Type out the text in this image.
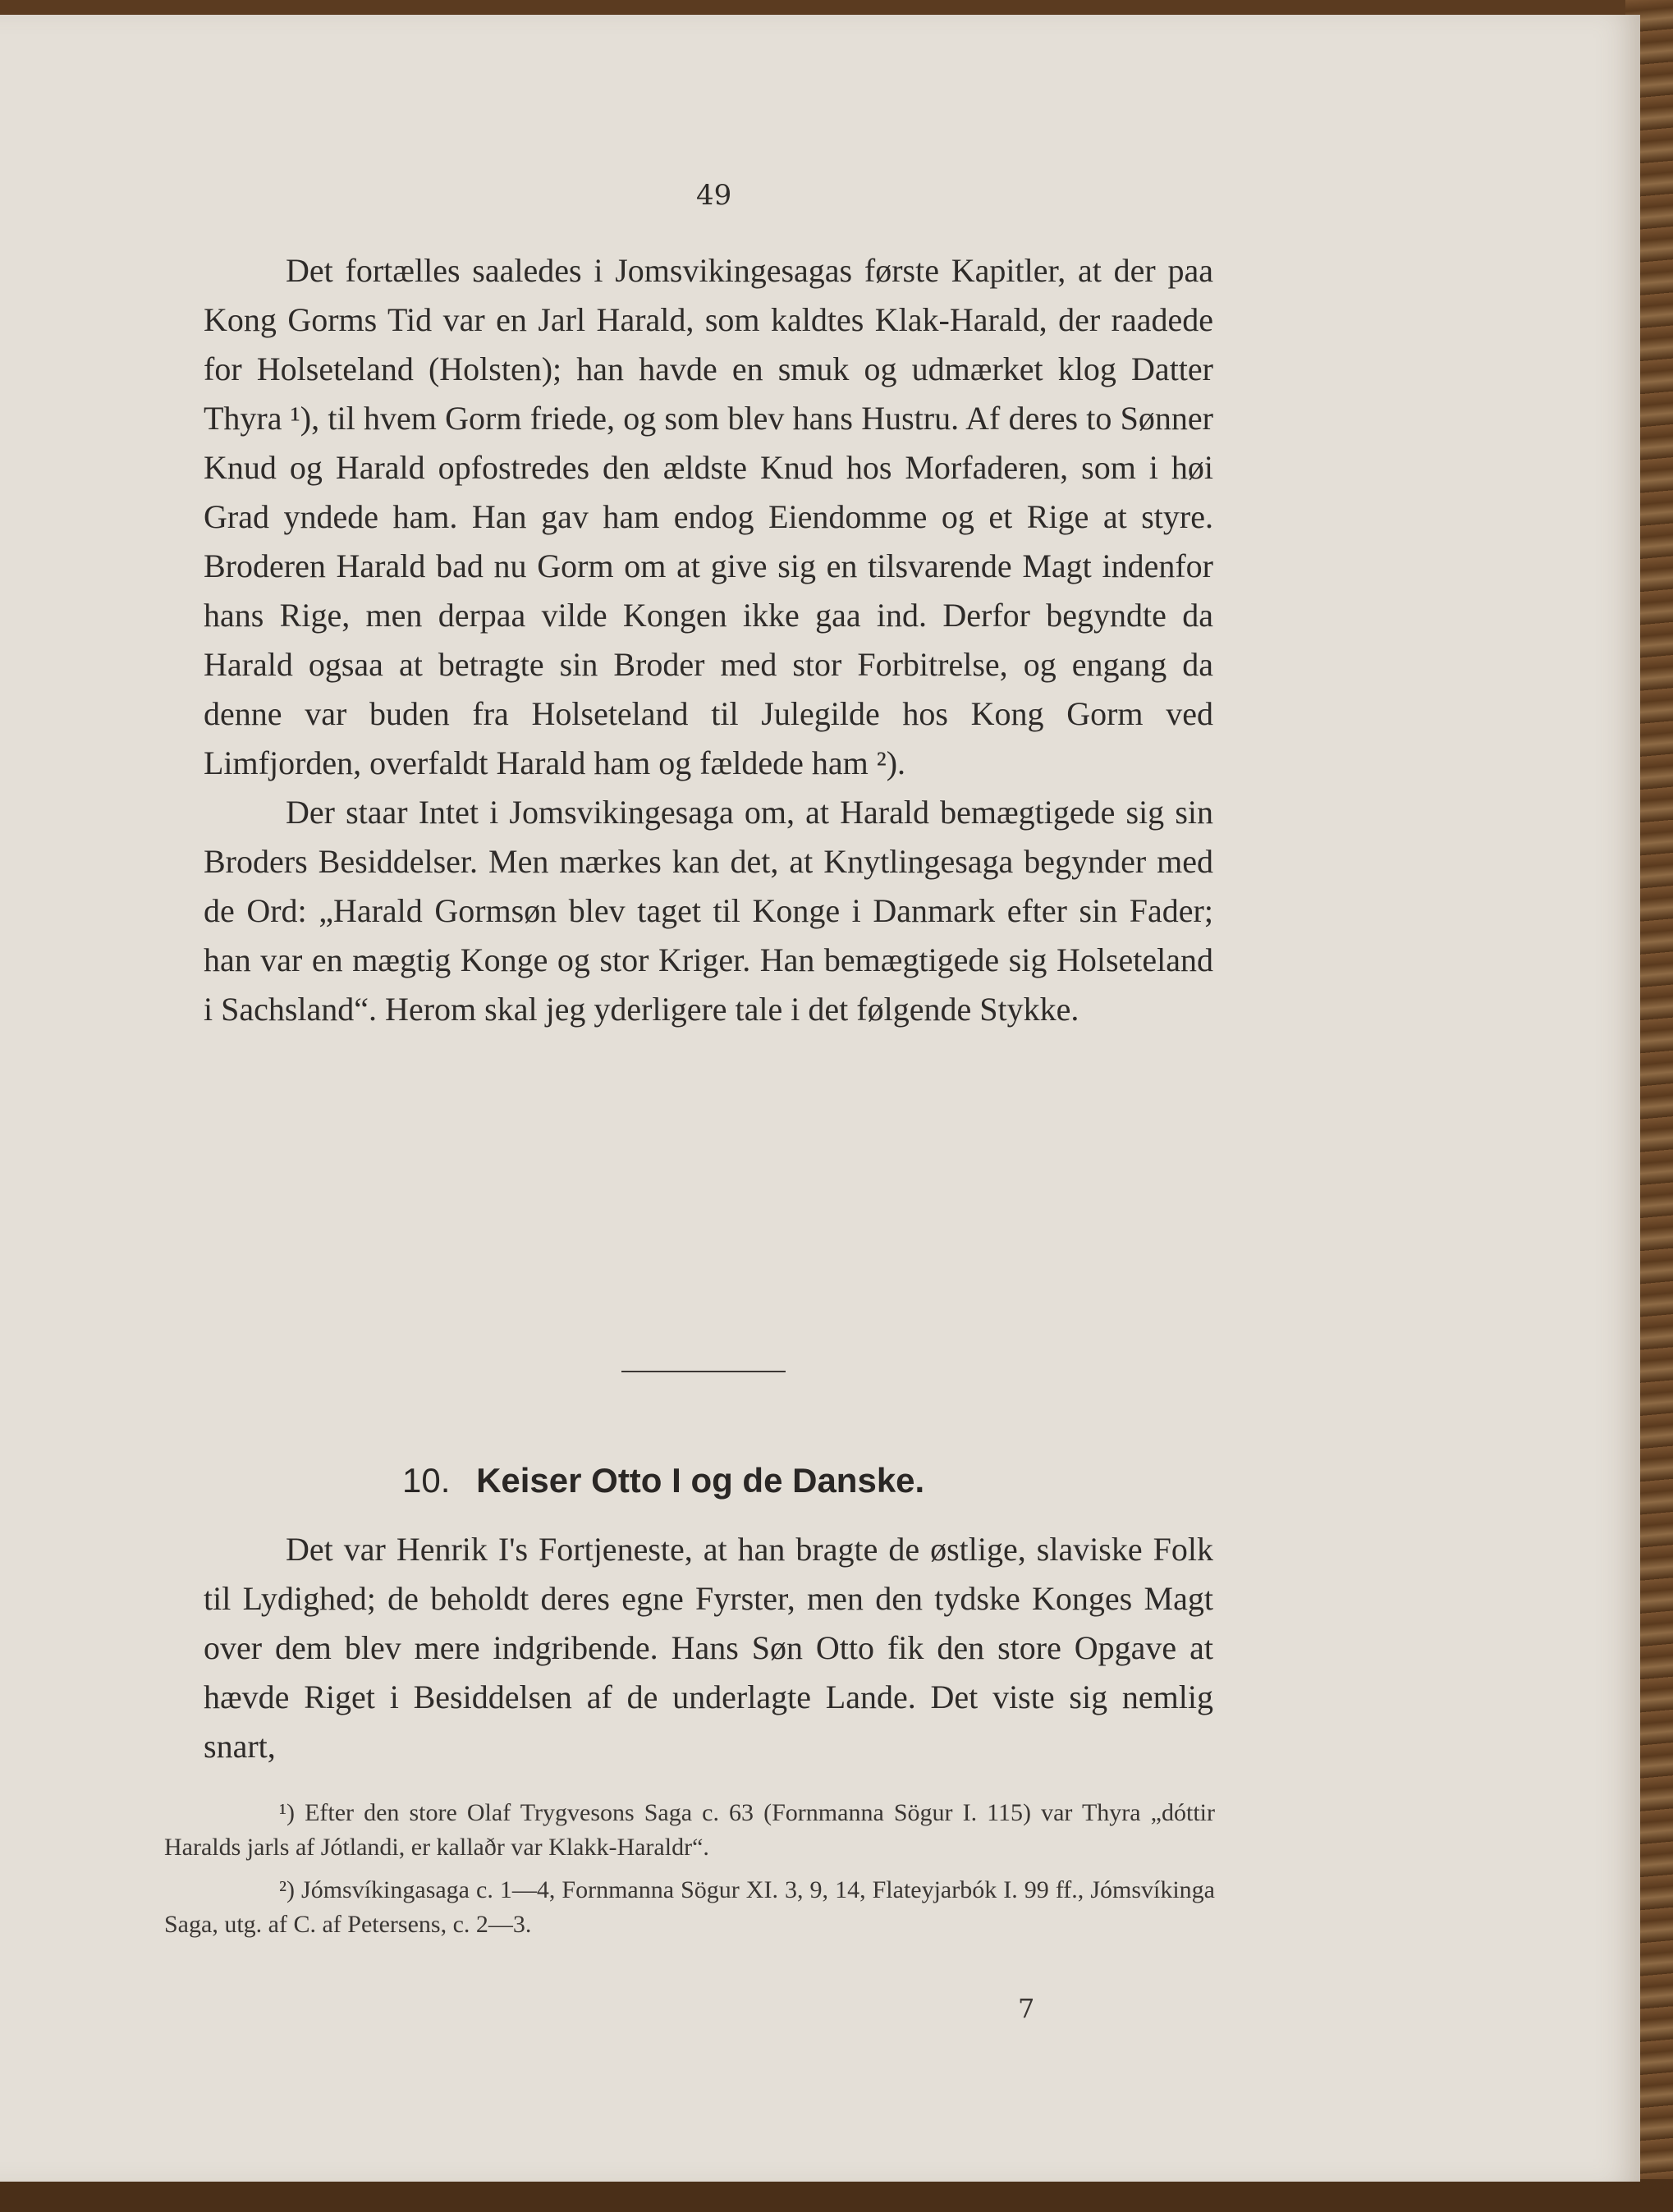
49

Det fortælles saaledes i Jomsvikingesagas første Kapitler, at der paa Kong Gorms Tid var en Jarl Harald, som kaldtes Klak-Harald, der raadede for Holseteland (Holsten); han havde en smuk og udmærket klog Datter Thyra ¹), til hvem Gorm friede, og som blev hans Hustru. Af deres to Sønner Knud og Harald opfostredes den ældste Knud hos Morfaderen, som i høi Grad yndede ham. Han gav ham endog Eiendomme og et Rige at styre. Broderen Harald bad nu Gorm om at give sig en tilsvarende Magt indenfor hans Rige, men derpaa vilde Kongen ikke gaa ind. Derfor begyndte da Harald ogsaa at betragte sin Broder med stor Forbitrelse, og engang da denne var buden fra Holseteland til Julegilde hos Kong Gorm ved Limfjorden, overfaldt Harald ham og fældede ham ²).

Der staar Intet i Jomsvikingesaga om, at Harald bemægtigede sig sin Broders Besiddelser. Men mærkes kan det, at Knytlingesaga begynder med de Ord: „Harald Gormsøn blev taget til Konge i Danmark efter sin Fader; han var en mægtig Konge og stor Kriger. Han bemægtigede sig Holseteland i Sachsland“. Herom skal jeg yderligere tale i det følgende Stykke.

10. Keiser Otto I og de Danske.

Det var Henrik I's Fortjeneste, at han bragte de østlige, slaviske Folk til Lydighed; de beholdt deres egne Fyrster, men den tydske Konges Magt over dem blev mere indgribende. Hans Søn Otto fik den store Opgave at hævde Riget i Besiddelsen af de underlagte Lande. Det viste sig nemlig snart,

¹) Efter den store Olaf Trygvesons Saga c. 63 (Fornmanna Sögur I. 115) var Thyra „dóttir Haralds jarls af Jótlandi, er kallaðr var Klakk-Haraldr“.

²) Jómsvíkingasaga c. 1—4, Fornmanna Sögur XI. 3, 9, 14, Flateyjarbók I. 99 ff., Jómsvíkinga Saga, utg. af C. af Petersens, c. 2—3.

7
